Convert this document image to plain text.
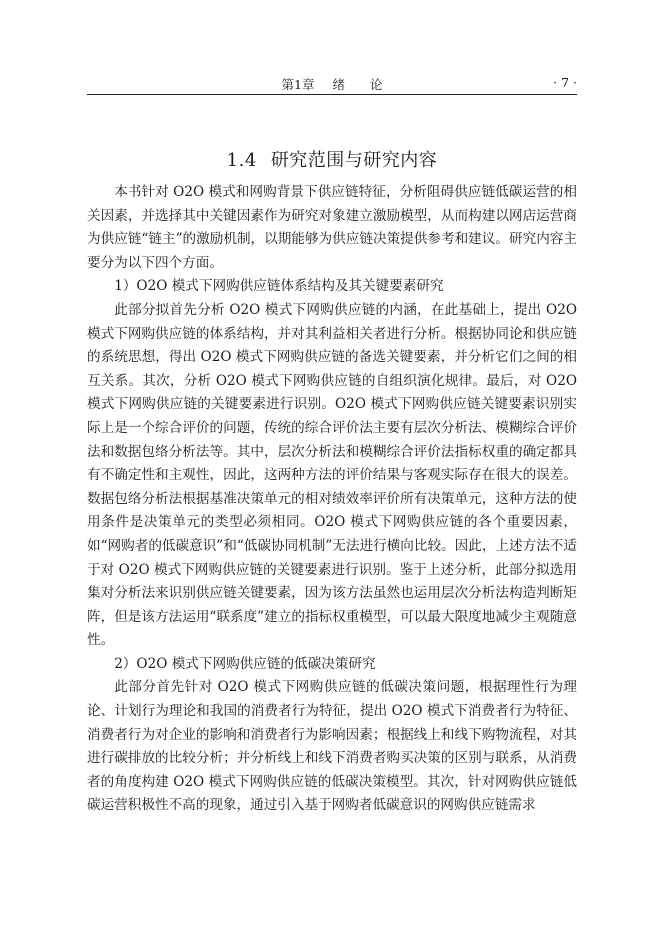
第1章 绪　　论	· 7 ·
1.4 研究范围与研究内容

本书针对 O2O 模式和网购背景下供应链特征，分析阻碍供应链低碳运营的相关因素，并选择其中关键因素作为研究对象建立激励模型，从而构建以网店运营商为供应链“链主”的激励机制，以期能够为供应链决策提供参考和建议。研究内容主要分为以下四个方面。

1）O2O 模式下网购供应链体系结构及其关键要素研究

此部分拟首先分析 O2O 模式下网购供应链的内涵，在此基础上，提出 O2O 模式下网购供应链的体系结构，并对其利益相关者进行分析。根据协同论和供应链的系统思想，得出 O2O 模式下网购供应链的备选关键要素，并分析它们之间的相互关系。其次，分析 O2O 模式下网购供应链的自组织演化规律。最后，对 O2O 模式下网购供应链的关键要素进行识别。O2O 模式下网购供应链关键要素识别实际上是一个综合评价的问题，传统的综合评价法主要有层次分析法、模糊综合评价法和数据包络分析法等。其中，层次分析法和模糊综合评价法指标权重的确定都具有不确定性和主观性，因此，这两种方法的评价结果与客观实际存在很大的误差。数据包络分析法根据基准决策单元的相对绩效率评价所有决策单元，这种方法的使用条件是决策单元的类型必须相同。O2O 模式下网购供应链的各个重要因素，如“网购者的低碳意识”和“低碳协同机制”无法进行横向比较。因此，上述方法不适于对 O2O 模式下网购供应链的关键要素进行识别。鉴于上述分析，此部分拟选用集对分析法来识别供应链关键要素，因为该方法虽然也运用层次分析法构造判断矩阵，但是该方法运用“联系度”建立的指标权重模型，可以最大限度地减少主观随意性。

2）O2O 模式下网购供应链的低碳决策研究

此部分首先针对 O2O 模式下网购供应链的低碳决策问题，根据理性行为理论、计划行为理论和我国的消费者行为特征，提出 O2O 模式下消费者行为特征、消费者行为对企业的影响和消费者行为影响因素；根据线上和线下购物流程，对其进行碳排放的比较分析；并分析线上和线下消费者购买决策的区别与联系，从消费者的角度构建 O2O 模式下网购供应链的低碳决策模型。其次，针对网购供应链低碳运营积极性不高的现象，通过引入基于网购者低碳意识的网购供应链需求
